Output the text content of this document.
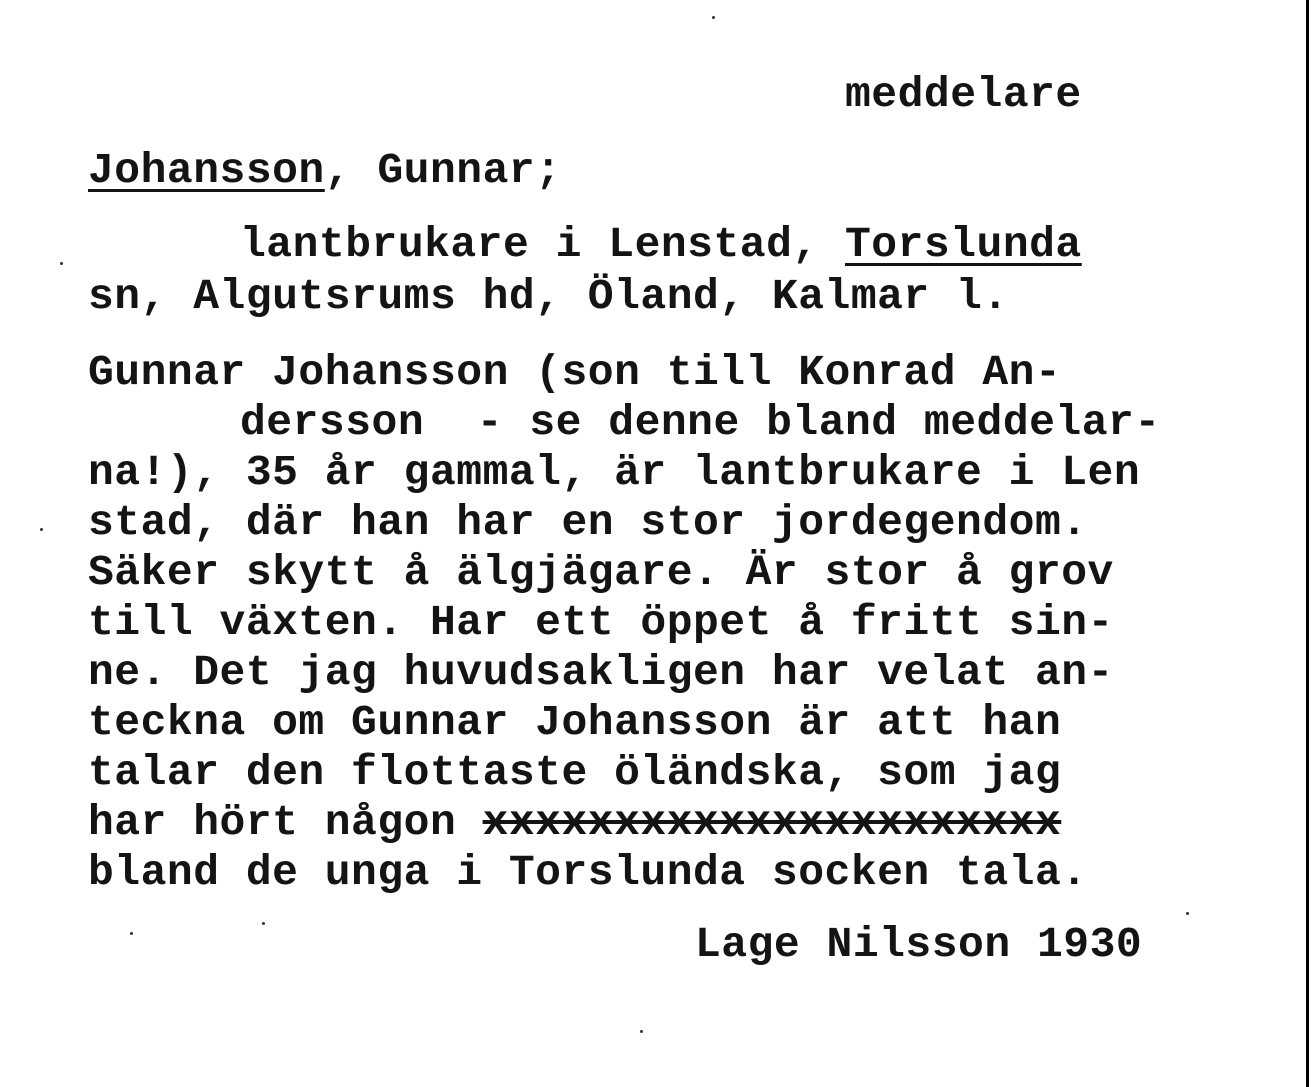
meddelare

Johansson, Gunnar;

lantbrukare i Lenstad, Torslunda

sn, Algutsrums hd, Öland, Kalmar l.

Gunnar Johansson (son till Konrad An-

dersson  - se denne bland meddelar-

na!), 35 år gammal, är lantbrukare i Len

stad, där han har en stor jordegendom.

Säker skytt å älgjägare. Är stor å grov

till växten. Har ett öppet å fritt sin-

ne. Det jag huvudsakligen har velat an-

teckna om Gunnar Johansson är att han

talar den flottaste öländska, som jag

har hört någon xxxxxxxxxxxxxxxxxxxxxx

bland de unga i Torslunda socken tala.

Lage Nilsson 1930
